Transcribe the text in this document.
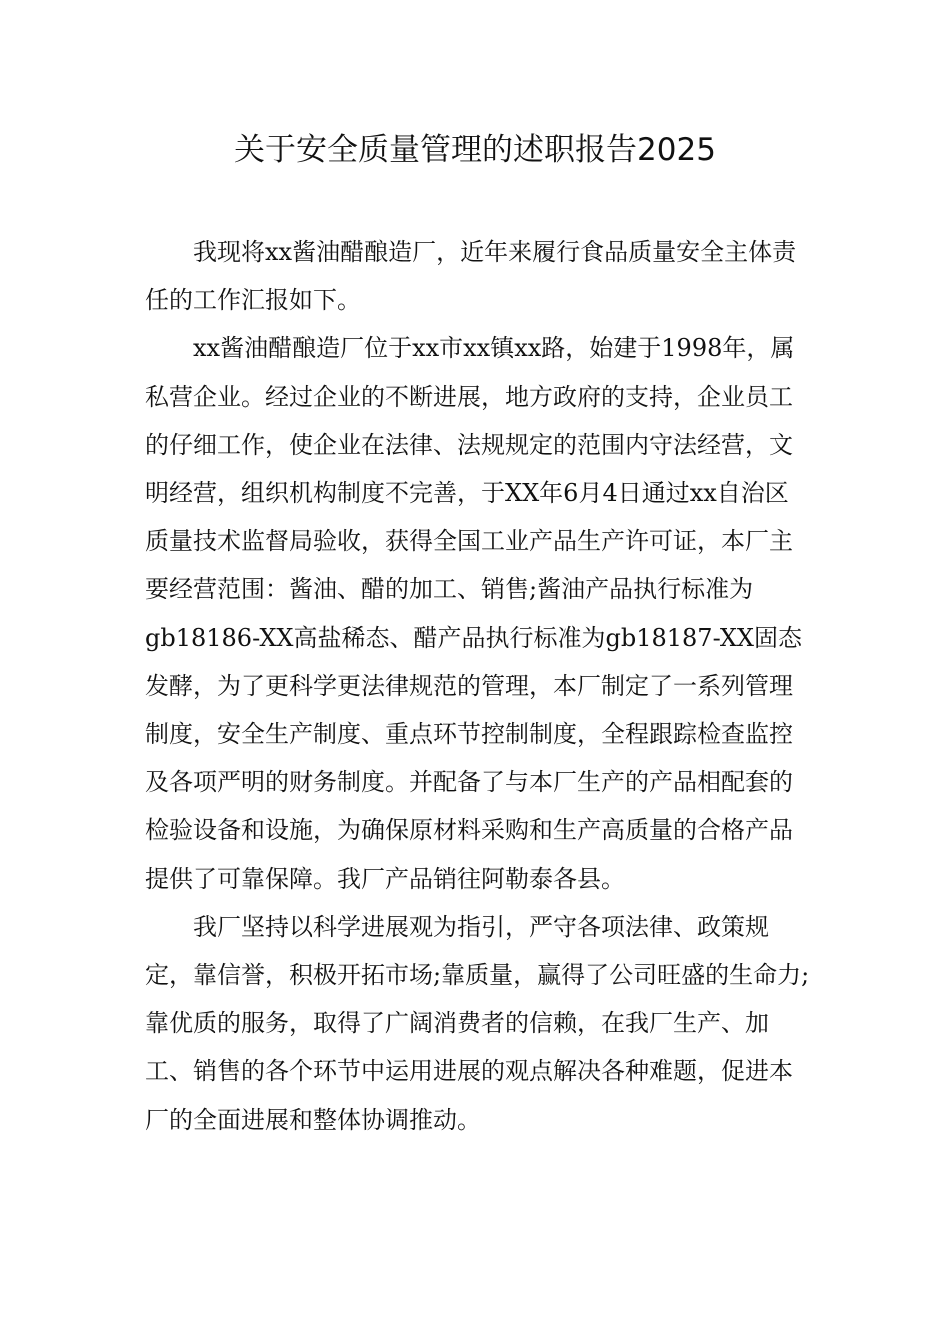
关于安全质量管理的述职报告2025

我现将xx酱油醋酿造厂，近年来履行食品质量安全主体责任的工作汇报如下。

xx酱油醋酿造厂位于xx市xx镇xx路，始建于1998年，属私营企业。经过企业的不断进展，地方政府的支持，企业员工的仔细工作，使企业在法律、法规规定的范围内守法经营，文明经营，组织机构制度不完善，于XX年6月4日通过xx自治区质量技术监督局验收，获得全国工业产品生产许可证，本厂主要经营范围：酱油、醋的加工、销售;酱油产品执行标准为gb18186-XX高盐稀态、醋产品执行标准为gb18187-XX固态发酵，为了更科学更法律规范的管理，本厂制定了一系列管理制度，安全生产制度、重点环节控制制度，全程跟踪检查监控及各项严明的财务制度。并配备了与本厂生产的产品相配套的检验设备和设施，为确保原材料采购和生产高质量的合格产品提供了可靠保障。我厂产品销往阿勒泰各县。

我厂坚持以科学进展观为指引，严守各项法律、政策规定，靠信誉，积极开拓市场;靠质量，赢得了公司旺盛的生命力;靠优质的服务，取得了广阔消费者的信赖，在我厂生产、加工、销售的各个环节中运用进展的观点解决各种难题，促进本厂的全面进展和整体协调推动。
